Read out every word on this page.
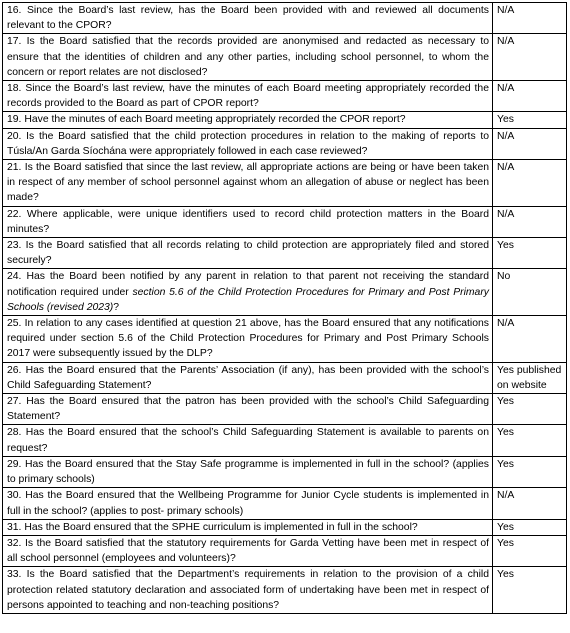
16. Since the Board’s last review, has the Board been provided with and reviewed all documents relevant to the CPOR?	N/A
17. Is the Board satisfied that the records provided are anonymised and redacted as necessary to ensure that the identities of children and any other parties, including school personnel, to whom the concern or report relates are not disclosed?	N/A
18. Since the Board’s last review, have the minutes of each Board meeting appropriately recorded the records provided to the Board as part of CPOR report?	N/A
19. Have the minutes of each Board meeting appropriately recorded the CPOR report?	Yes
20. Is the Board satisfied that the child protection procedures in relation to the making of reports to Túsla/An Garda Síochána were appropriately followed in each case reviewed?	N/A
21. Is the Board satisfied that since the last review, all appropriate actions are being or have been taken in respect of any member of school personnel against whom an allegation of abuse or neglect has been made?	N/A
22. Where applicable, were unique identifiers used to record child protection matters in the Board minutes?	N/A
23. Is the Board satisfied that all records relating to child protection are appropriately filed and stored securely?	Yes
24. Has the Board been notified by any parent in relation to that parent not receiving the standard notification required under section 5.6 of the Child Protection Procedures for Primary and Post Primary Schools (revised 2023)?	No
25. In relation to any cases identified at question 21 above, has the Board ensured that any notifications required under section 5.6 of the Child Protection Procedures for Primary and Post Primary Schools 2017 were subsequently issued by the DLP?	N/A
26. Has the Board ensured that the Parents’ Association (if any), has been provided with the school’s Child Safeguarding Statement?	Yes published on website
27. Has the Board ensured that the patron has been provided with the school’s Child Safeguarding Statement?	Yes
28. Has the Board ensured that the school’s Child Safeguarding Statement is available to parents on request?	Yes
29. Has the Board ensured that the Stay Safe programme is implemented in full in the school? (applies to primary schools)	Yes
30. Has the Board ensured that the Wellbeing Programme for Junior Cycle students is implemented in full in the school? (applies to post- primary schools)	N/A
31. Has the Board ensured that the SPHE curriculum is implemented in full in the school?	Yes
32. Is the Board satisfied that the statutory requirements for Garda Vetting have been met in respect of all school personnel (employees and volunteers)?	Yes
33. Is the Board satisfied that the Department’s requirements in relation to the provision of a child protection related statutory declaration and associated form of undertaking have been met in respect of persons appointed to teaching and non-teaching positions?	Yes
